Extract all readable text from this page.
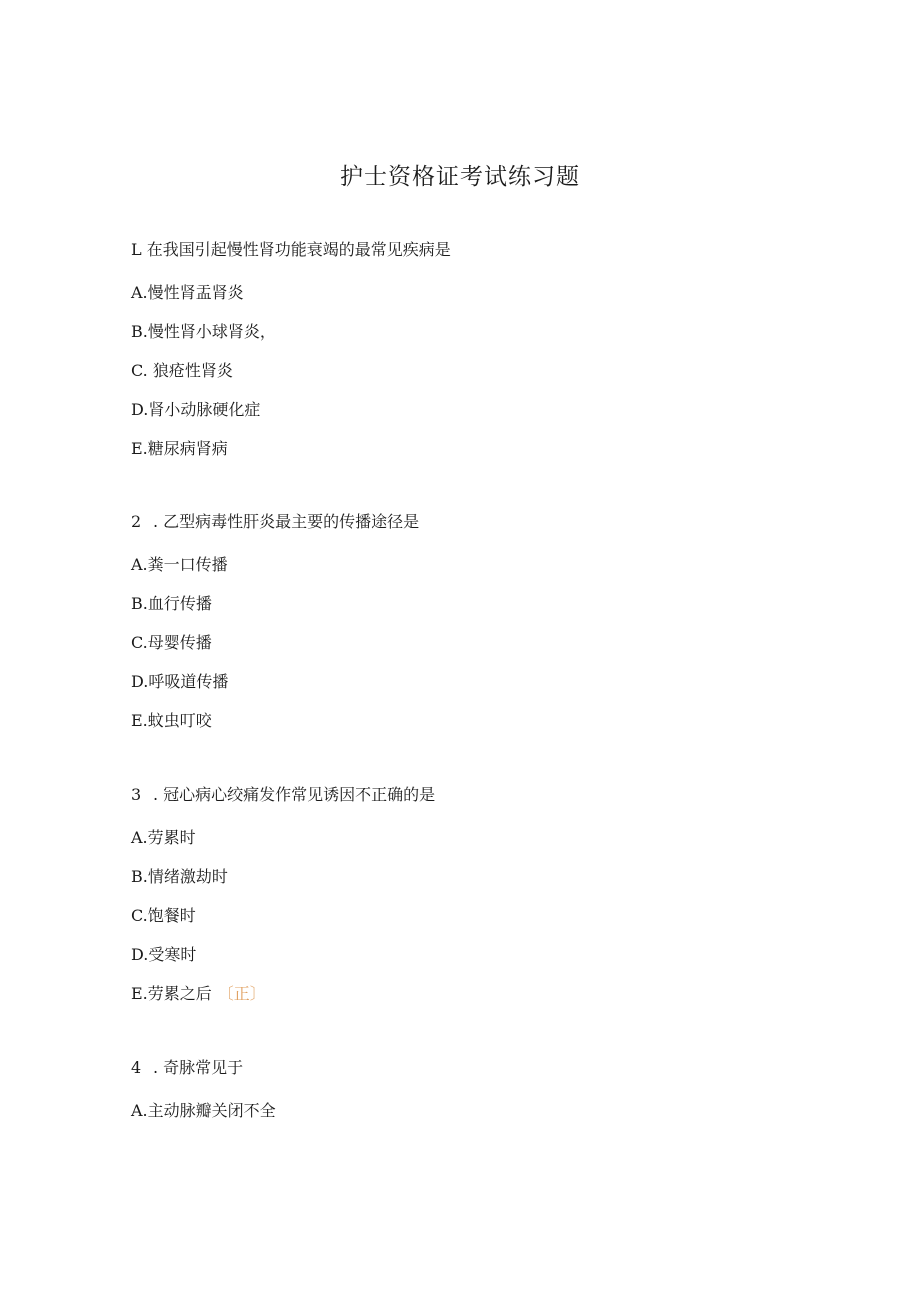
护士资格证考试练习题
L 在我国引起慢性肾功能衰竭的最常见疾病是
A.慢性肾盂肾炎
B.慢性肾小球肾炎，
C. 狼疮性肾炎
D.肾小动脉硬化症
E.糖尿病肾病
2 . 乙型病毒性肝炎最主要的传播途径是
A.粪一口传播
B.血行传播
C.母婴传播
D.呼吸道传播
E.蚊虫叮咬
3 . 冠心病心绞痛发作常见诱因不正确的是
A.劳累时
B.情绪激劫时
C.饱餐时
D.受寒时
E.劳累之后 〔正〕
4 . 奇脉常见于
A.主动脉瓣关闭不全
